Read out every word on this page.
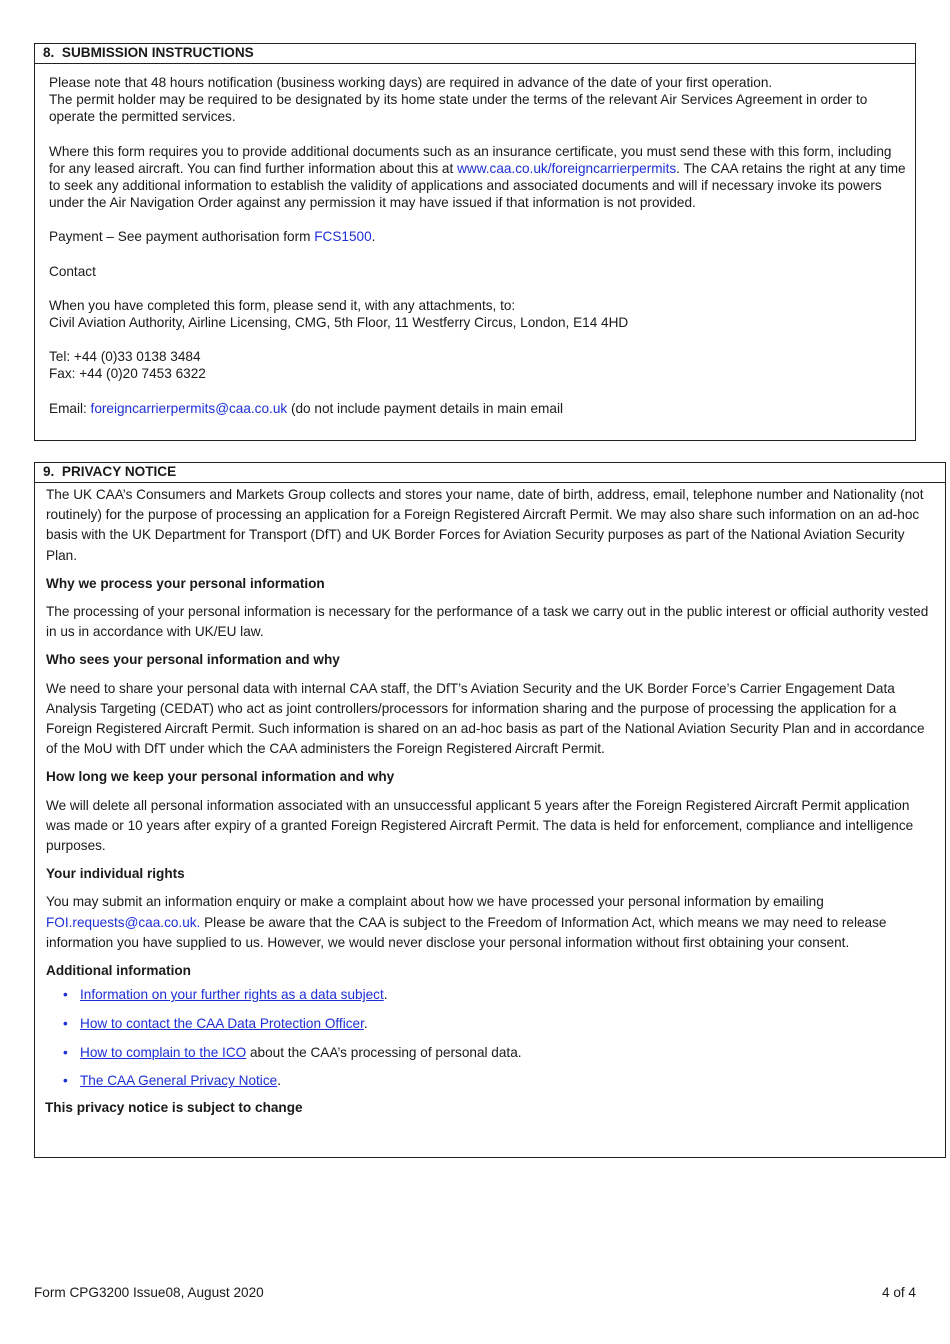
8.  SUBMISSION INSTRUCTIONS
Please note that 48 hours notification (business working days) are required in advance of the date of your first operation.
The permit holder may be required to be designated by its home state under the terms of the relevant Air Services Agreement in order to operate the permitted services.
Where this form requires you to provide additional documents such as an insurance certificate, you must send these with this form, including for any leased aircraft. You can find further information about this at www.caa.co.uk/foreigncarrierpermits. The CAA retains the right at any time to seek any additional information to establish the validity of applications and associated documents and will if necessary invoke its powers under the Air Navigation Order against any permission it may have issued if that information is not provided.
Payment – See payment authorisation form FCS1500.
Contact
When you have completed this form, please send it, with any attachments, to:
Civil Aviation Authority, Airline Licensing, CMG, 5th Floor, 11 Westferry Circus, London, E14 4HD
Tel: +44 (0)33 0138 3484
Fax: +44 (0)20 7453 6322
Email: foreigncarrierpermits@caa.co.uk (do not include payment details in main email
9.  PRIVACY NOTICE
The UK CAA’s Consumers and Markets Group collects and stores your name, date of birth, address, email, telephone number and Nationality (not routinely) for the purpose of processing an application for a Foreign Registered Aircraft Permit. We may also share such information on an ad-hoc basis with the UK Department for Transport (DfT) and UK Border Forces for Aviation Security purposes as part of the National Aviation Security Plan.
Why we process your personal information
The processing of your personal information is necessary for the performance of a task we carry out in the public interest or official authority vested in us in accordance with UK/EU law.
Who sees your personal information and why
We need to share your personal data with internal CAA staff, the DfT’s Aviation Security and the UK Border Force’s Carrier Engagement Data Analysis Targeting (CEDAT) who act as joint controllers/processors for information sharing and the purpose of processing the application for a Foreign Registered Aircraft Permit. Such information is shared on an ad-hoc basis as part of the National Aviation Security Plan and in accordance of the MoU with DfT under which the CAA administers the Foreign Registered Aircraft Permit.
How long we keep your personal information and why
We will delete all personal information associated with an unsuccessful applicant 5 years after the Foreign Registered Aircraft Permit application was made or 10 years after expiry of a granted Foreign Registered Aircraft Permit. The data is held for enforcement, compliance and intelligence purposes.
Your individual rights
You may submit an information enquiry or make a complaint about how we have processed your personal information by emailing FOI.requests@caa.co.uk. Please be aware that the CAA is subject to the Freedom of Information Act, which means we may need to release information you have supplied to us. However, we would never disclose your personal information without first obtaining your consent.
Additional information
• Information on your further rights as a data subject.
• How to contact the CAA Data Protection Officer.
• How to complain to the ICO about the CAA’s processing of personal data.
• The CAA General Privacy Notice.
This privacy notice is subject to change
Form CPG3200 Issue08, August 2020	4 of 4
